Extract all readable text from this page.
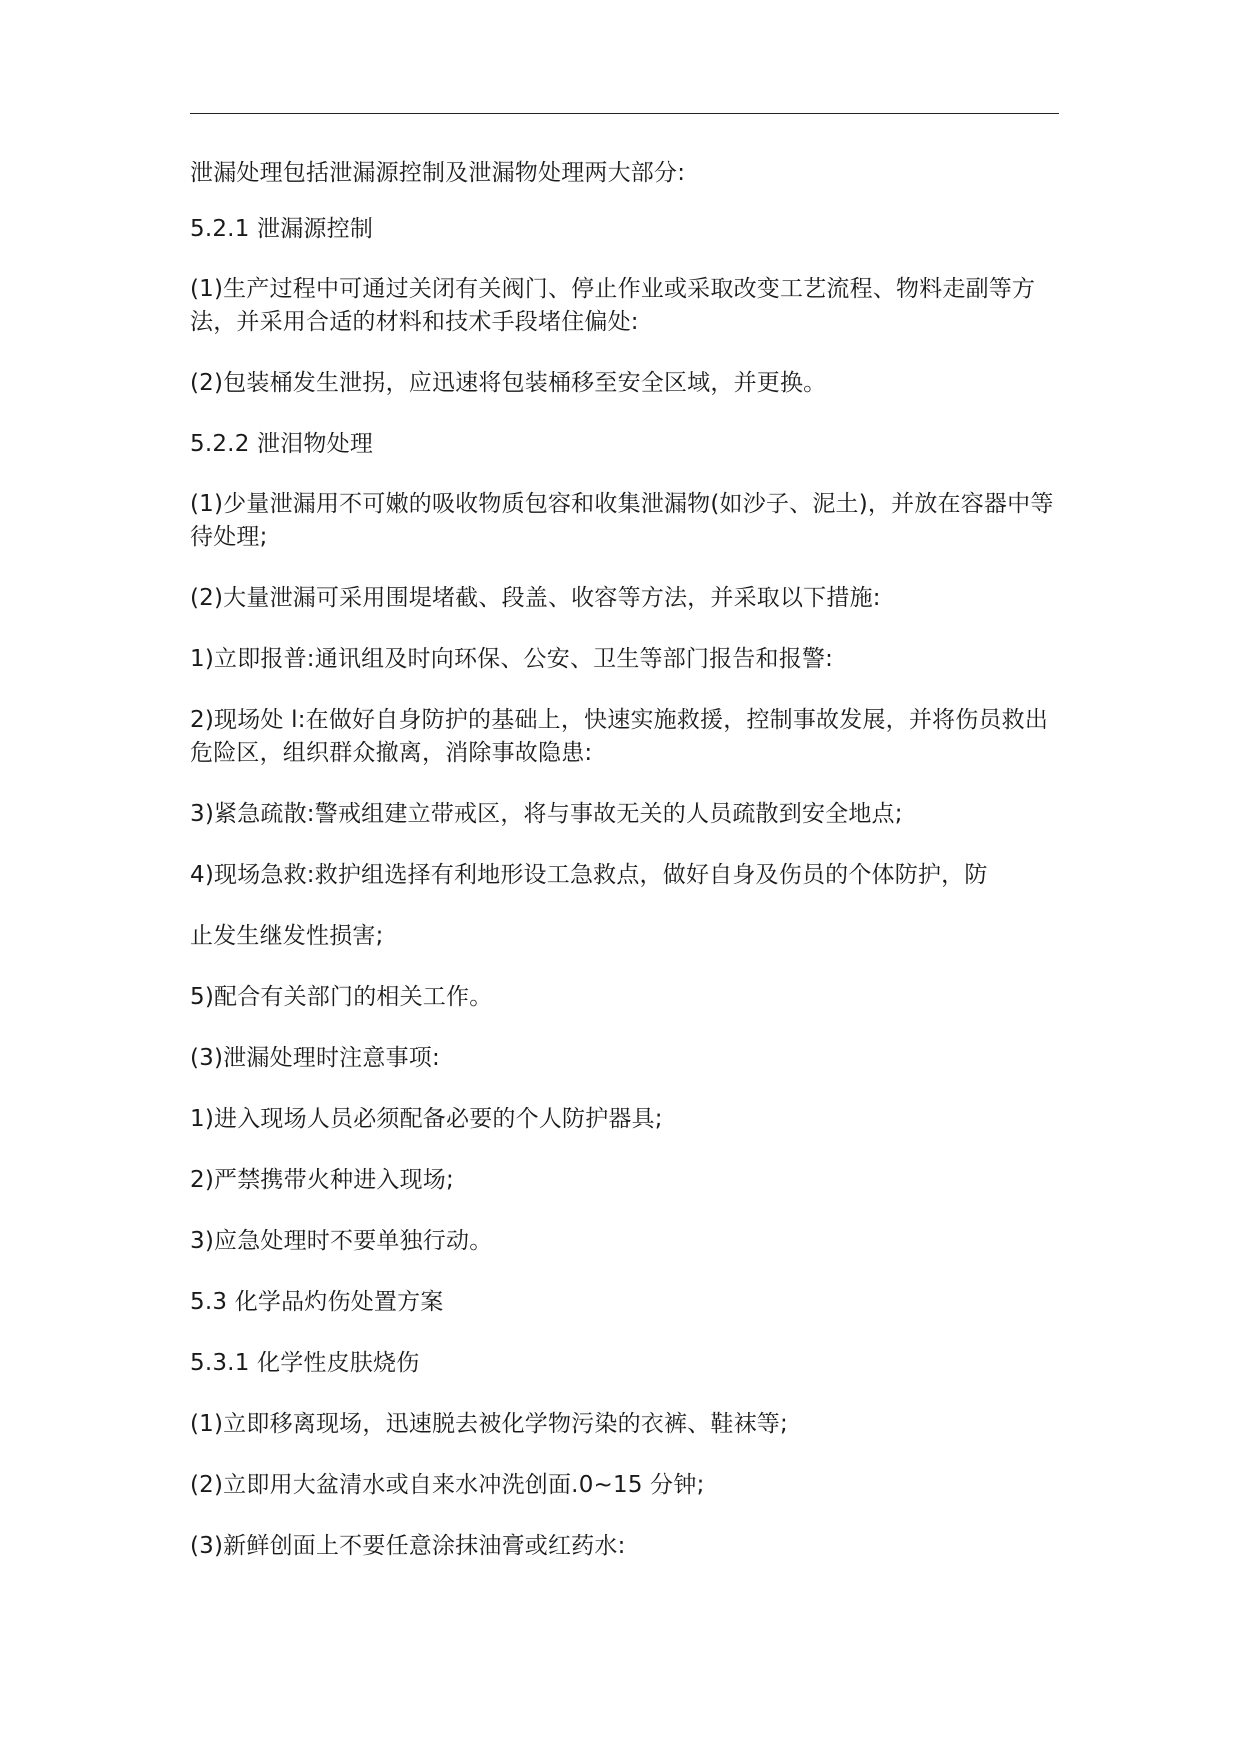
泄漏处理包括泄漏源控制及泄漏物处理两大部分:

5.2.1 泄漏源控制

(1)生产过程中可通过关闭有关阀门、停止作业或采取改变工艺流程、物料走副等方法，并采用合适的材料和技术手段堵住偏处:

(2)包装桶发生泄拐，应迅速将包装桶移至安全区域，并更换。

5.2.2 泄泪物处理

(1)少量泄漏用不可嫩的吸收物质包容和收集泄漏物(如沙子、泥土)，并放在容器中等待处理;

(2)大量泄漏可采用围堤堵截、段盖、收容等方法，并采取以下措施:

1)立即报普:通讯组及时向环保、公安、卫生等部门报告和报警:

2)现场处 l:在做好自身防护的基础上，快速实施救援，控制事故发展，并将伤员救出危险区，组织群众撤离，消除事故隐患:

3)紧急疏散:警戒组建立带戒区，将与事故无关的人员疏散到安全地点;

4)现场急救:救护组选择有利地形设工急救点，做好自身及伤员的个体防护，防

止发生继发性损害;

5)配合有关部门的相关工作。

(3)泄漏处理时注意事项:

1)进入现场人员必须配备必要的个人防护器具;

2)严禁携带火种进入现场;

3)应急处理时不要单独行动。

5.3 化学品灼伤处置方案

5.3.1 化学性皮肤烧伤

(1)立即移离现场，迅速脱去被化学物污染的衣裤、鞋袜等;

(2)立即用大盆清水或自来水冲洗创面.0~15 分钟;

(3)新鲜创面上不要任意涂抹油膏或红药水:
